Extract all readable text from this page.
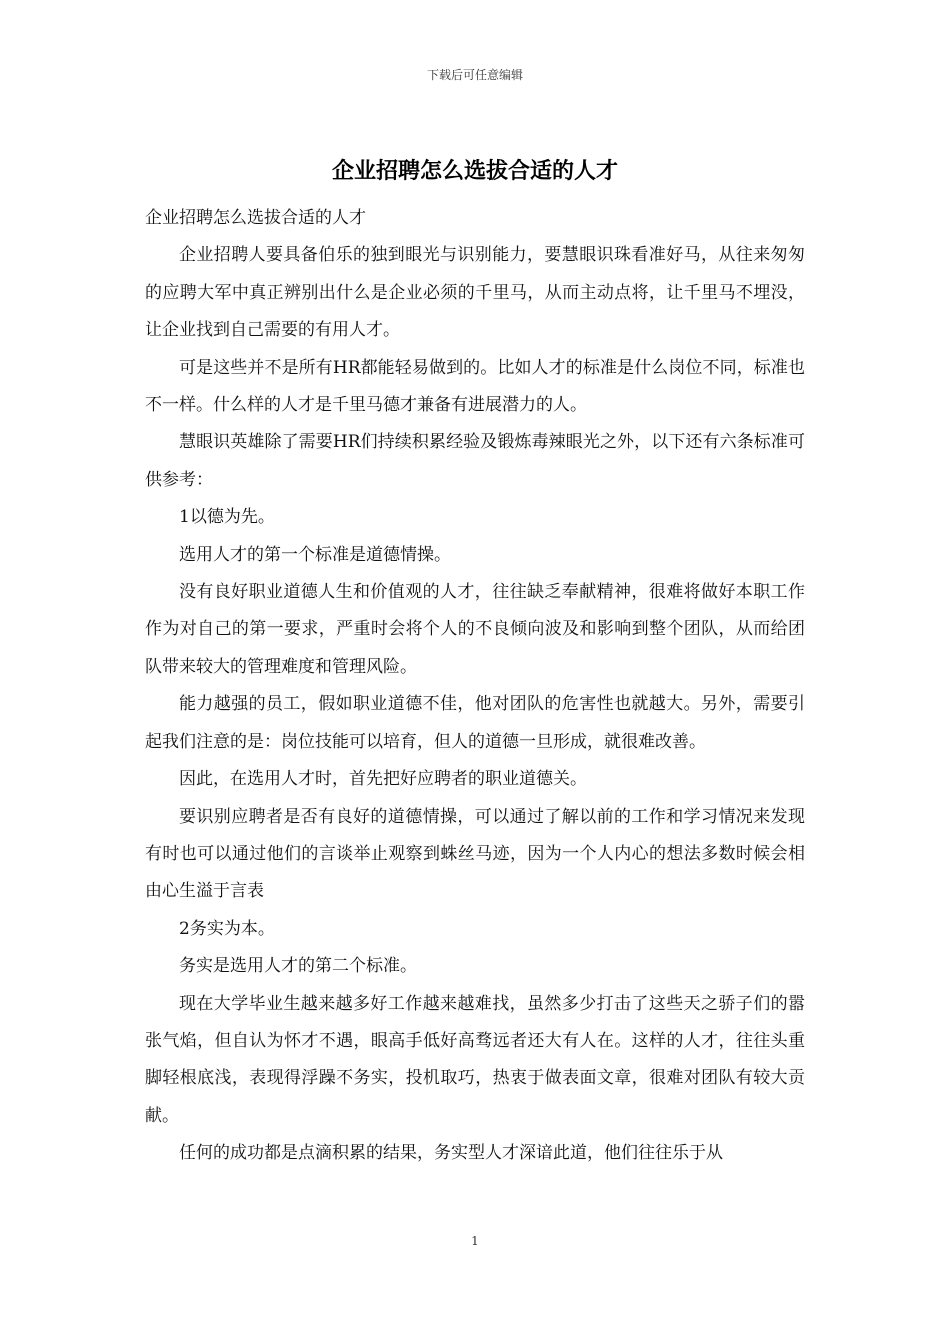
下载后可任意编辑
企业招聘怎么选拔合适的人才

企业招聘怎么选拔合适的人才

企业招聘人要具备伯乐的独到眼光与识别能力，要慧眼识珠看准好马，从往来匆匆的应聘大军中真正辨别出什么是企业必须的千里马，从而主动点将，让千里马不埋没，让企业找到自己需要的有用人才。

可是这些并不是所有HR都能轻易做到的。比如人才的标准是什么岗位不同，标准也不一样。什么样的人才是千里马德才兼备有进展潜力的人。

慧眼识英雄除了需要HR们持续积累经验及锻炼毒辣眼光之外，以下还有六条标准可供参考：

1以德为先。

选用人才的第一个标准是道德情操。

没有良好职业道德人生和价值观的人才，往往缺乏奉献精神，很难将做好本职工作作为对自己的第一要求，严重时会将个人的不良倾向波及和影响到整个团队，从而给团队带来较大的管理难度和管理风险。

能力越强的员工，假如职业道德不佳，他对团队的危害性也就越大。另外，需要引起我们注意的是：岗位技能可以培育，但人的道德一旦形成，就很难改善。

因此，在选用人才时，首先把好应聘者的职业道德关。

要识别应聘者是否有良好的道德情操，可以通过了解以前的工作和学习情况来发现有时也可以通过他们的言谈举止观察到蛛丝马迹，因为一个人内心的想法多数时候会相由心生溢于言表

2务实为本。

务实是选用人才的第二个标准。

现在大学毕业生越来越多好工作越来越难找，虽然多少打击了这些天之骄子们的嚣张气焰，但自认为怀才不遇，眼高手低好高骛远者还大有人在。这样的人才，往往头重脚轻根底浅，表现得浮躁不务实，投机取巧，热衷于做表面文章，很难对团队有较大贡献。

任何的成功都是点滴积累的结果，务实型人才深谙此道，他们往往乐于从

1
